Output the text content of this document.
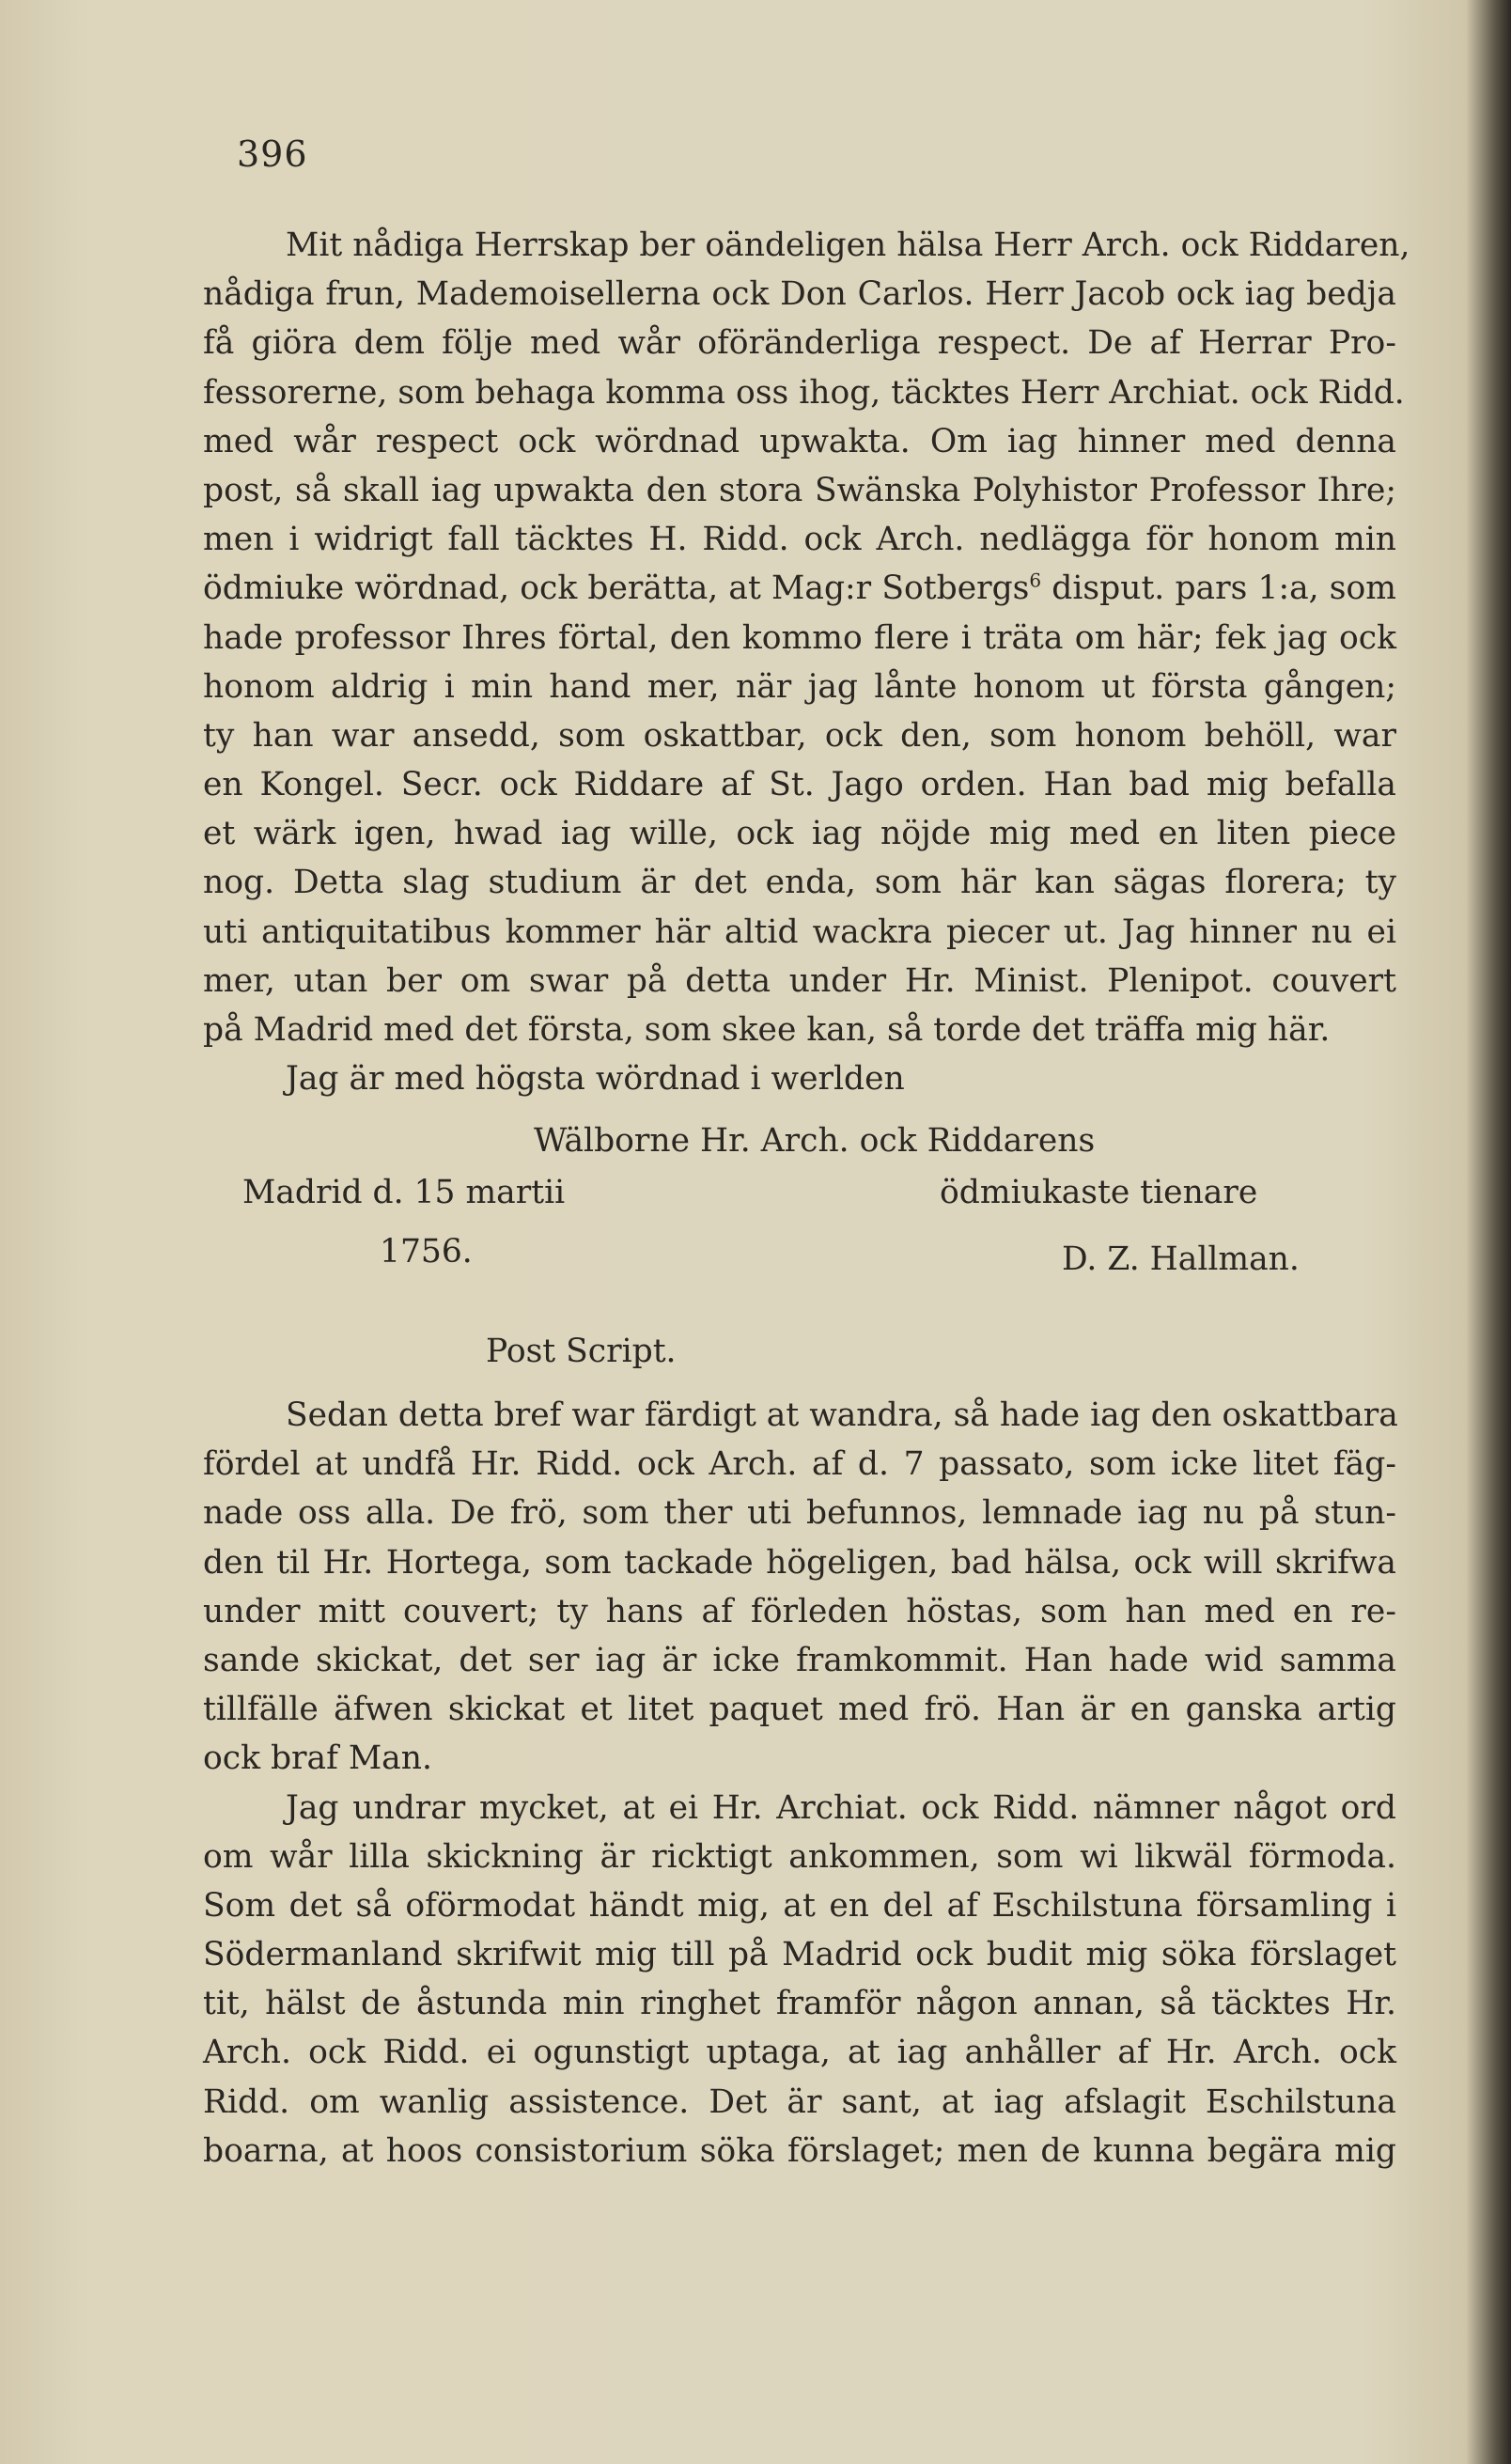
396
Mit nådiga Herrskap ber oändeligen hälsa Herr Arch. ock Riddaren,
nådiga frun, Mademoisellerna ock Don Carlos. Herr Jacob ock iag bedja
få giöra dem följe med wår oföränderliga respect. De af Herrar Pro-
fessorerne, som behaga komma oss ihog, täcktes Herr Archiat. ock Ridd.
med wår respect ock wördnad upwakta. Om iag hinner med denna
post, så skall iag upwakta den stora Swänska Polyhistor Professor Ihre;
men i widrigt fall täcktes H. Ridd. ock Arch. nedlägga för honom min
ödmiuke wördnad, ock berätta, at Mag:r Sotbergs$^6$ disput. pars 1:a, som
hade professor Ihres förtal, den kommo flere i träta om här; fek jag ock
honom aldrig i min hand mer, när jag lånte honom ut första gången;
ty han war ansedd, som oskattbar, ock den, som honom behöll, war
en Kongel. Secr. ock Riddare af St. Jago orden. Han bad mig befalla
et wärk igen, hwad iag wille, ock iag nöjde mig med en liten piece
nog. Detta slag studium är det enda, som här kan sägas florera; ty
uti antiquitatibus kommer här altid wackra piecer ut. Jag hinner nu ei
mer, utan ber om swar på detta under Hr. Minist. Plenipot. couvert
på Madrid med det första, som skee kan, så torde det träffa mig här.
Jag är med högsta wördnad i werlden
Wälborne Hr. Arch. ock Riddarens
Madrid d. 15 martii	ödmiukaste tienare
1756.	D. Z. Hallman.
Post Script.
Sedan detta bref war färdigt at wandra, så hade iag den oskattbara
fördel at undfå Hr. Ridd. ock Arch. af d. 7 passato, som icke litet fäg-
nade oss alla. De frö, som ther uti befunnos, lemnade iag nu på stun-
den til Hr. Hortega, som tackade högeligen, bad hälsa, ock will skrifwa
under mitt couvert; ty hans af förleden höstas, som han med en re-
sande skickat, det ser iag är icke framkommit. Han hade wid samma
tillfälle äfwen skickat et litet paquet med frö. Han är en ganska artig
ock braf Man.
Jag undrar mycket, at ei Hr. Archiat. ock Ridd. nämner något ord
om wår lilla skickning är ricktigt ankommen, som wi likwäl förmoda.
Som det så oförmodat händt mig, at en del af Eschilstuna församling i
Södermanland skrifwit mig till på Madrid ock budit mig söka förslaget
tit, hälst de åstunda min ringhet framför någon annan, så täcktes Hr.
Arch. ock Ridd. ei ogunstigt uptaga, at iag anhåller af Hr. Arch. ock
Ridd. om wanlig assistence. Det är sant, at iag afslagit Eschilstuna
boarna, at hoos consistorium söka förslaget; men de kunna begära mig
